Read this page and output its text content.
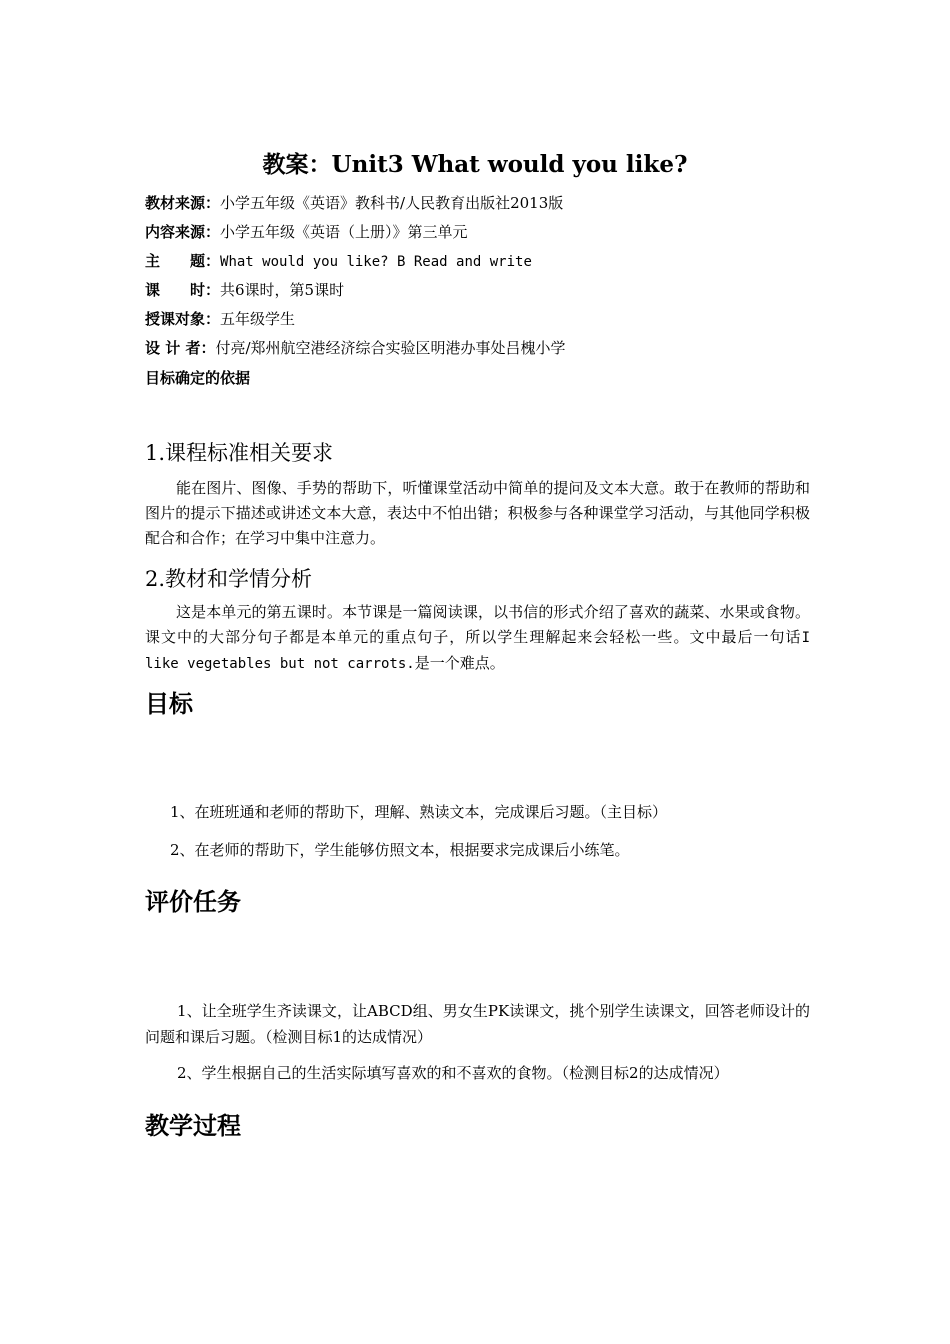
教案：Unit3 What would you like?
教材来源：小学五年级《英语》教科书/人民教育出版社2013版
内容来源：小学五年级《英语（上册）》第三单元
主　　题：What would you like? B Read and write
课　　时：共6课时，第5课时
授课对象：五年级学生
设 计 者：付亮/郑州航空港经济综合实验区明港办事处吕槐小学
目标确定的依据
1.课程标准相关要求
能在图片、图像、手势的帮助下，听懂课堂活动中简单的提问及文本大意。敢于在教师的帮助和图片的提示下描述或讲述文本大意，表达中不怕出错；积极参与各种课堂学习活动，与其他同学积极配合和合作；在学习中集中注意力。
2.教材和学情分析
这是本单元的第五课时。本节课是一篇阅读课，以书信的形式介绍了喜欢的蔬菜、水果或食物。课文中的大部分句子都是本单元的重点句子，所以学生理解起来会轻松一些。文中最后一句话I like vegetables but not carrots.是一个难点。
目标
1、在班班通和老师的帮助下，理解、熟读文本，完成课后习题。（主目标）
2、在老师的帮助下，学生能够仿照文本，根据要求完成课后小练笔。
评价任务
1、让全班学生齐读课文，让ABCD组、男女生PK读课文，挑个别学生读课文，回答老师设计的问题和课后习题。（检测目标1的达成情况）
2、学生根据自己的生活实际填写喜欢的和不喜欢的食物。（检测目标2的达成情况）
教学过程
